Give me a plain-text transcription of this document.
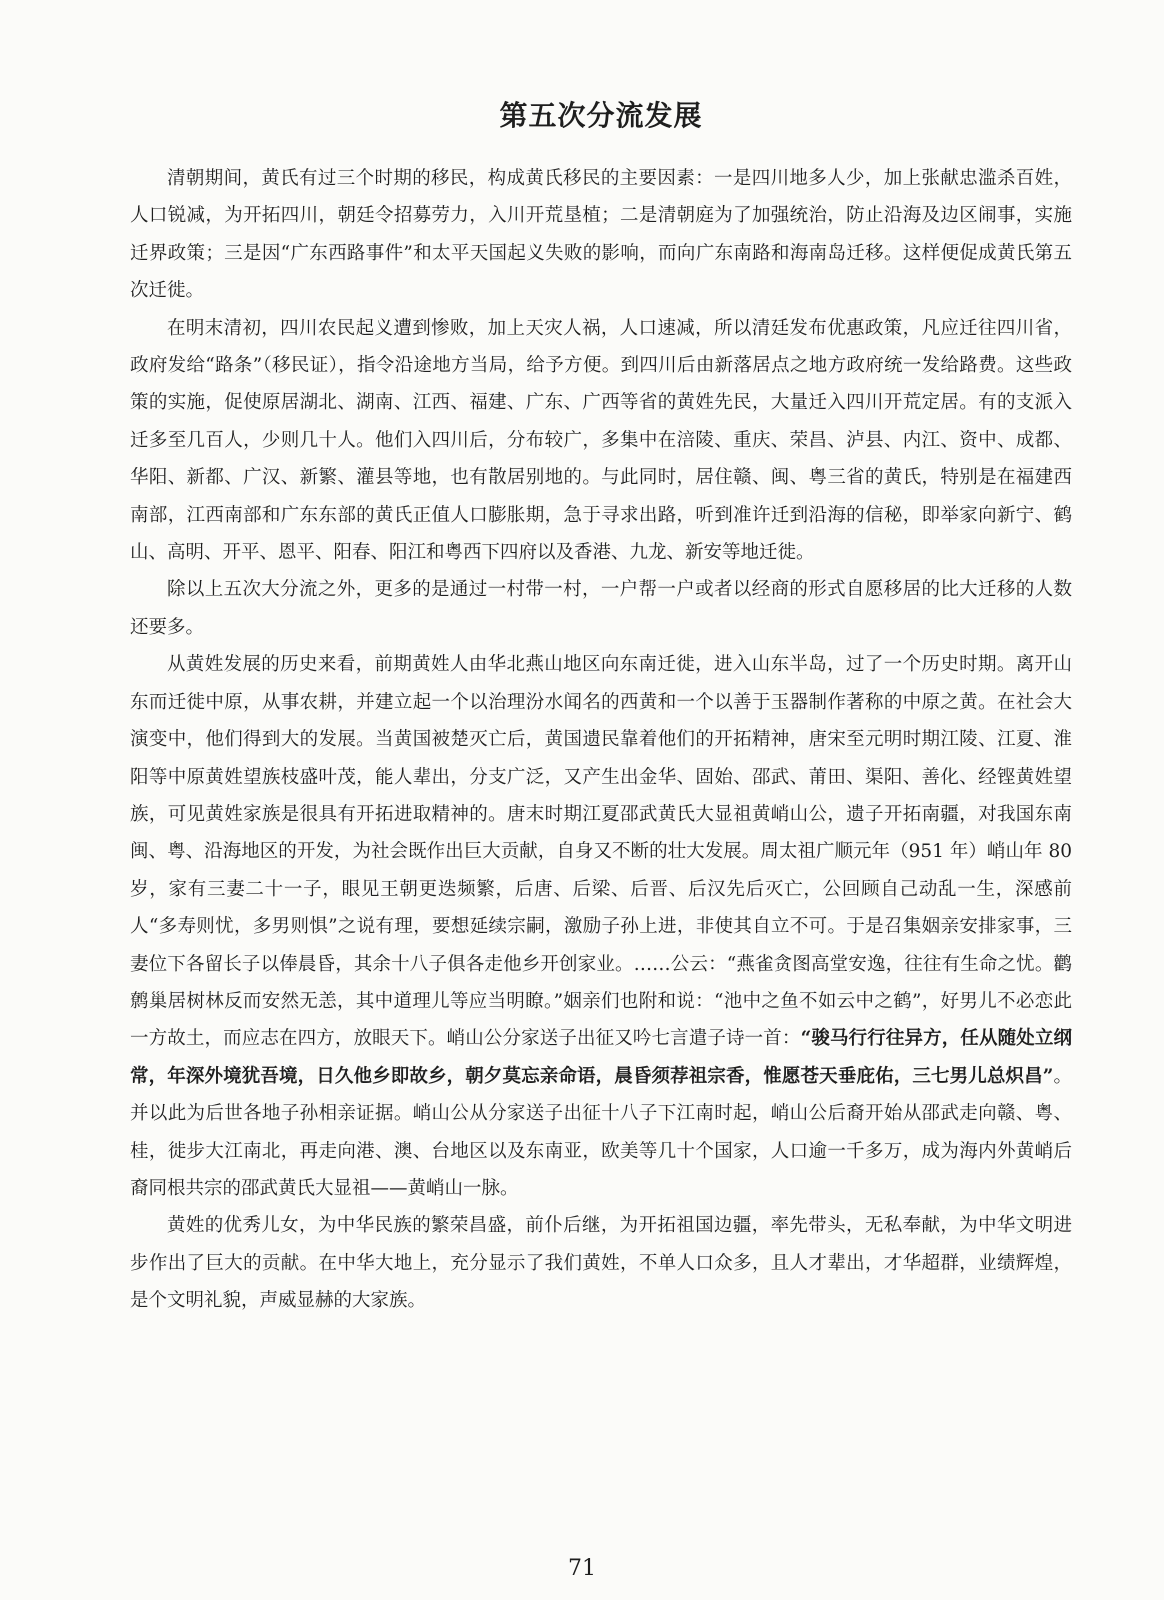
第五次分流发展

清朝期间，黄氏有过三个时期的移民，构成黄氏移民的主要因素：一是四川地多人少，加上张献忠滥杀百姓，人口锐减，为开拓四川，朝廷令招募劳力，入川开荒垦植；二是清朝庭为了加强统治，防止沿海及边区闹事，实施迁界政策；三是因“广东西路事件”和太平天国起义失败的影响，而向广东南路和海南岛迁移。这样便促成黄氏第五次迁徙。

在明末清初，四川农民起义遭到惨败，加上天灾人祸，人口速减，所以清廷发布优惠政策，凡应迁往四川省，政府发给“路条”（移民证），指令沿途地方当局，给予方便。到四川后由新落居点之地方政府统一发给路费。这些政策的实施，促使原居湖北、湖南、江西、福建、广东、广西等省的黄姓先民，大量迁入四川开荒定居。有的支派入迁多至几百人，少则几十人。他们入四川后，分布较广，多集中在涪陵、重庆、荣昌、泸县、内江、资中、成都、华阳、新都、广汉、新繁、灌县等地，也有散居别地的。与此同时，居住赣、闽、粤三省的黄氏，特别是在福建西南部，江西南部和广东东部的黄氏正值人口膨胀期，急于寻求出路，听到准许迁到沿海的信秘，即举家向新宁、鹤山、高明、开平、恩平、阳春、阳江和粤西下四府以及香港、九龙、新安等地迁徙。

除以上五次大分流之外，更多的是通过一村带一村，一户帮一户或者以经商的形式自愿移居的比大迁移的人数还要多。

从黄姓发展的历史来看，前期黄姓人由华北燕山地区向东南迁徙，进入山东半岛，过了一个历史时期。离开山东而迁徙中原，从事农耕，并建立起一个以治理汾水闻名的西黄和一个以善于玉器制作著称的中原之黄。在社会大演变中，他们得到大的发展。当黄国被楚灭亡后，黄国遗民靠着他们的开拓精神，唐宋至元明时期江陵、江夏、淮阳等中原黄姓望族枝盛叶茂，能人辈出，分支广泛，又产生出金华、固始、邵武、莆田、渠阳、善化、经铿黄姓望族，可见黄姓家族是很具有开拓进取精神的。唐末时期江夏邵武黄氏大显祖黄峭山公，遗子开拓南疆，对我国东南闽、粤、沿海地区的开发，为社会既作出巨大贡献，自身又不断的壮大发展。周太祖广顺元年（951 年）峭山年 80 岁，家有三妻二十一子，眼见王朝更迭频繁，后唐、后梁、后晋、后汉先后灭亡，公回顾自己动乱一生，深感前人“多寿则忧，多男则惧”之说有理，要想延续宗嗣，激励子孙上进，非使其自立不可。于是召集姻亲安排家事，三妻位下各留长子以俸晨昏，其余十八子俱各走他乡开创家业。……公云：“燕雀贪图高堂安逸，往往有生命之忧。鹳鹩巢居树林反而安然无恙，其中道理儿等应当明瞭。”姻亲们也附和说：“池中之鱼不如云中之鹤”，好男儿不必恋此一方故土，而应志在四方，放眼天下。峭山公分家送子出征又吟七言遣子诗一首：“骏马行行往异方，任从随处立纲常，年深外境犹吾境，日久他乡即故乡，朝夕莫忘亲命语，晨昏须荐祖宗香，惟愿苍天垂庇佑，三七男儿总炽昌”。并以此为后世各地子孙相亲证据。峭山公从分家送子出征十八子下江南时起，峭山公后裔开始从邵武走向赣、粤、桂，徙步大江南北，再走向港、澳、台地区以及东南亚，欧美等几十个国家，人口逾一千多万，成为海内外黄峭后裔同根共宗的邵武黄氏大显祖——黄峭山一脉。

黄姓的优秀儿女，为中华民族的繁荣昌盛，前仆后继，为开拓祖国边疆，率先带头，无私奉献，为中华文明进步作出了巨大的贡献。在中华大地上，充分显示了我们黄姓，不单人口众多，且人才辈出，才华超群，业绩辉煌，是个文明礼貌，声威显赫的大家族。

71
